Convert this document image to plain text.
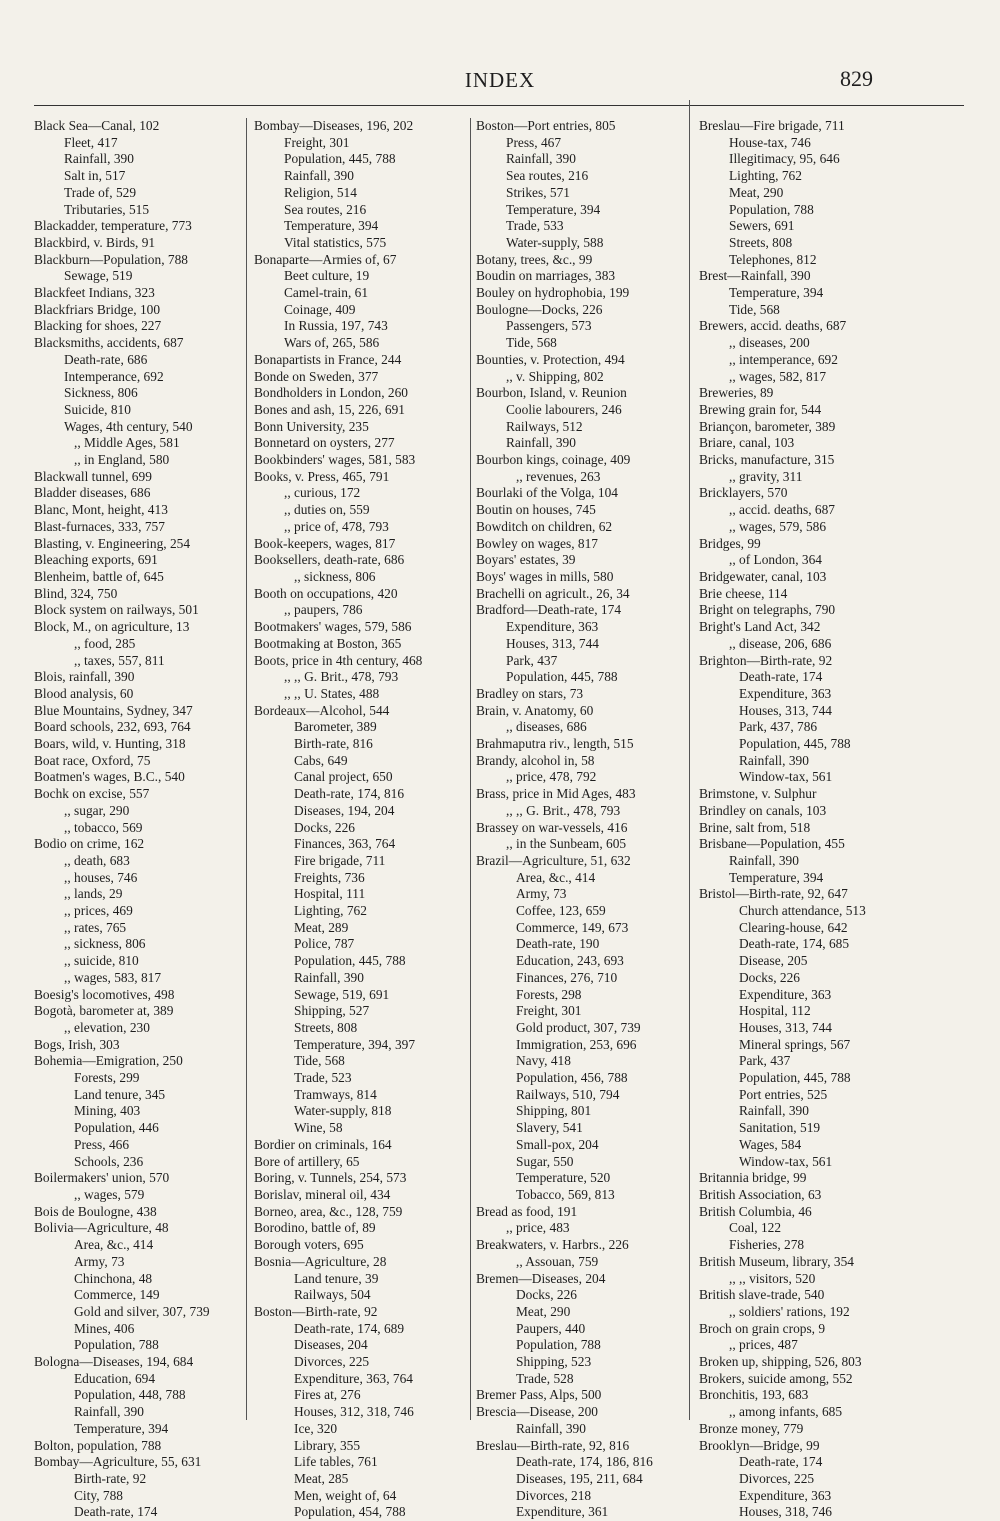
INDEX	829
Black Sea—Canal, 102
Fleet, 417
Rainfall, 390
Salt in, 517
Trade of, 529
Tributaries, 515
Blackadder, temperature, 773
Blackbird, v. Birds, 91
Blackburn—Population, 788
Sewage, 519
Blackfeet Indians, 323
Blackfriars Bridge, 100
Blacking for shoes, 227
Blacksmiths, accidents, 687
Death-rate, 686
Intemperance, 692
Sickness, 806
Suicide, 810
Wages, 4th century, 540
,, Middle Ages, 581
,, in England, 580
Blackwall tunnel, 699
Bladder diseases, 686
Blanc, Mont, height, 413
Blast-furnaces, 333, 757
Blasting, v. Engineering, 254
Bleaching exports, 691
Blenheim, battle of, 645
Blind, 324, 750
Block system on railways, 501
Block, M., on agriculture, 13
,, food, 285
,, taxes, 557, 811
Blois, rainfall, 390
Blood analysis, 60
Blue Mountains, Sydney, 347
Board schools, 232, 693, 764
Boars, wild, v. Hunting, 318
Boat race, Oxford, 75
Boatmen's wages, B.C., 540
Bochk on excise, 557
,, sugar, 290
,, tobacco, 569
Bodio on crime, 162
,, death, 683
,, houses, 746
,, lands, 29
,, prices, 469
,, rates, 765
,, sickness, 806
,, suicide, 810
,, wages, 583, 817
Boesig's locomotives, 498
Bogotà, barometer at, 389
,, elevation, 230
Bogs, Irish, 303
Bohemia—Emigration, 250
Forests, 299
Land tenure, 345
Mining, 403
Population, 446
Press, 466
Schools, 236
Boilermakers' union, 570
,, wages, 579
Bois de Boulogne, 438
Bolivia—Agriculture, 48
Area, &c., 414
Army, 73
Chinchona, 48
Commerce, 149
Gold and silver, 307, 739
Mines, 406
Population, 788
Bologna—Diseases, 194, 684
Education, 694
Population, 448, 788
Rainfall, 390
Temperature, 394
Bolton, population, 788
Bombay—Agriculture, 55, 631
Birth-rate, 92
City, 788
Death-rate, 174
Bombay—Diseases, 196, 202
Freight, 301
Population, 445, 788
Rainfall, 390
Religion, 514
Sea routes, 216
Temperature, 394
Vital statistics, 575
Bonaparte—Armies of, 67
Beet culture, 19
Camel-train, 61
Coinage, 409
In Russia, 197, 743
Wars of, 265, 586
Bonapartists in France, 244
Bonde on Sweden, 377
Bondholders in London, 260
Bones and ash, 15, 226, 691
Bonn University, 235
Bonnetard on oysters, 277
Bookbinders' wages, 581, 583
Books, v. Press, 465, 791
,, curious, 172
,, duties on, 559
,, price of, 478, 793
Book-keepers, wages, 817
Booksellers, death-rate, 686
,, sickness, 806
Booth on occupations, 420
,, paupers, 786
Bootmakers' wages, 579, 586
Bootmaking at Boston, 365
Boots, price in 4th century, 468
,, ,, G. Brit., 478, 793
,, ,, U. States, 488
Bordeaux—Alcohol, 544
Barometer, 389
Birth-rate, 816
Cabs, 649
Canal project, 650
Death-rate, 174, 816
Diseases, 194, 204
Docks, 226
Finances, 363, 764
Fire brigade, 711
Freights, 736
Hospital, 111
Lighting, 762
Meat, 289
Police, 787
Population, 445, 788
Rainfall, 390
Sewage, 519, 691
Shipping, 527
Streets, 808
Temperature, 394, 397
Tide, 568
Trade, 523
Tramways, 814
Water-supply, 818
Wine, 58
Bordier on criminals, 164
Bore of artillery, 65
Boring, v. Tunnels, 254, 573
Borislav, mineral oil, 434
Borneo, area, &c., 128, 759
Borodino, battle of, 89
Borough voters, 695
Bosnia—Agriculture, 28
Land tenure, 39
Railways, 504
Boston—Birth-rate, 92
Death-rate, 174, 689
Diseases, 204
Divorces, 225
Expenditure, 363, 764
Fires at, 276
Houses, 312, 318, 746
Ice, 320
Library, 355
Life tables, 761
Meat, 285
Men, weight of, 64
Population, 454, 788
Boston—Port entries, 805
Press, 467
Rainfall, 390
Sea routes, 216
Strikes, 571
Temperature, 394
Trade, 533
Water-supply, 588
Botany, trees, &c., 99
Boudin on marriages, 383
Bouley on hydrophobia, 199
Boulogne—Docks, 226
Passengers, 573
Tide, 568
Bounties, v. Protection, 494
,, v. Shipping, 802
Bourbon, Island, v. Reunion
Coolie labourers, 246
Railways, 512
Rainfall, 390
Bourbon kings, coinage, 409
,, revenues, 263
Bourlaki of the Volga, 104
Boutin on houses, 745
Bowditch on children, 62
Bowley on wages, 817
Boyars' estates, 39
Boys' wages in mills, 580
Brachelli on agricult., 26, 34
Bradford—Death-rate, 174
Expenditure, 363
Houses, 313, 744
Park, 437
Population, 445, 788
Bradley on stars, 73
Brain, v. Anatomy, 60
,, diseases, 686
Brahmaputra riv., length, 515
Brandy, alcohol in, 58
,, price, 478, 792
Brass, price in Mid Ages, 483
,, ,, G. Brit., 478, 793
Brassey on war-vessels, 416
,, in the Sunbeam, 605
Brazil—Agriculture, 51, 632
Area, &c., 414
Army, 73
Coffee, 123, 659
Commerce, 149, 673
Death-rate, 190
Education, 243, 693
Finances, 276, 710
Forests, 298
Freight, 301
Gold product, 307, 739
Immigration, 253, 696
Navy, 418
Population, 456, 788
Railways, 510, 794
Shipping, 801
Slavery, 541
Small-pox, 204
Sugar, 550
Temperature, 520
Tobacco, 569, 813
Bread as food, 191
,, price, 483
Breakwaters, v. Harbrs., 226
,, Assouan, 759
Bremen—Diseases, 204
Docks, 226
Meat, 290
Paupers, 440
Population, 788
Shipping, 523
Trade, 528
Bremer Pass, Alps, 500
Brescia—Disease, 200
Rainfall, 390
Breslau—Birth-rate, 92, 816
Death-rate, 174, 186, 816
Diseases, 195, 211, 684
Divorces, 218
Expenditure, 361
Breslau—Fire brigade, 711
House-tax, 746
Illegitimacy, 95, 646
Lighting, 762
Meat, 290
Population, 788
Sewers, 691
Streets, 808
Telephones, 812
Brest—Rainfall, 390
Temperature, 394
Tide, 568
Brewers, accid. deaths, 687
,, diseases, 200
,, intemperance, 692
,, wages, 582, 817
Breweries, 89
Brewing grain for, 544
Briançon, barometer, 389
Briare, canal, 103
Bricks, manufacture, 315
,, gravity, 311
Bricklayers, 570
,, accid. deaths, 687
,, wages, 579, 586
Bridges, 99
,, of London, 364
Bridgewater, canal, 103
Brie cheese, 114
Bright on telegraphs, 790
Bright's Land Act, 342
,, disease, 206, 686
Brighton—Birth-rate, 92
Death-rate, 174
Expenditure, 363
Houses, 313, 744
Park, 437, 786
Population, 445, 788
Rainfall, 390
Window-tax, 561
Brimstone, v. Sulphur
Brindley on canals, 103
Brine, salt from, 518
Brisbane—Population, 455
Rainfall, 390
Temperature, 394
Bristol—Birth-rate, 92, 647
Church attendance, 513
Clearing-house, 642
Death-rate, 174, 685
Disease, 205
Docks, 226
Expenditure, 363
Hospital, 112
Houses, 313, 744
Mineral springs, 567
Park, 437
Population, 445, 788
Port entries, 525
Rainfall, 390
Sanitation, 519
Wages, 584
Window-tax, 561
Britannia bridge, 99
British Association, 63
British Columbia, 46
Coal, 122
Fisheries, 278
British Museum, library, 354
,, ,, visitors, 520
British slave-trade, 540
,, soldiers' rations, 192
Broch on grain crops, 9
,, prices, 487
Broken up, shipping, 526, 803
Brokers, suicide among, 552
Bronchitis, 193, 683
,, among infants, 685
Bronze money, 779
Brooklyn—Bridge, 99
Death-rate, 174
Divorces, 225
Expenditure, 363
Houses, 318, 746
